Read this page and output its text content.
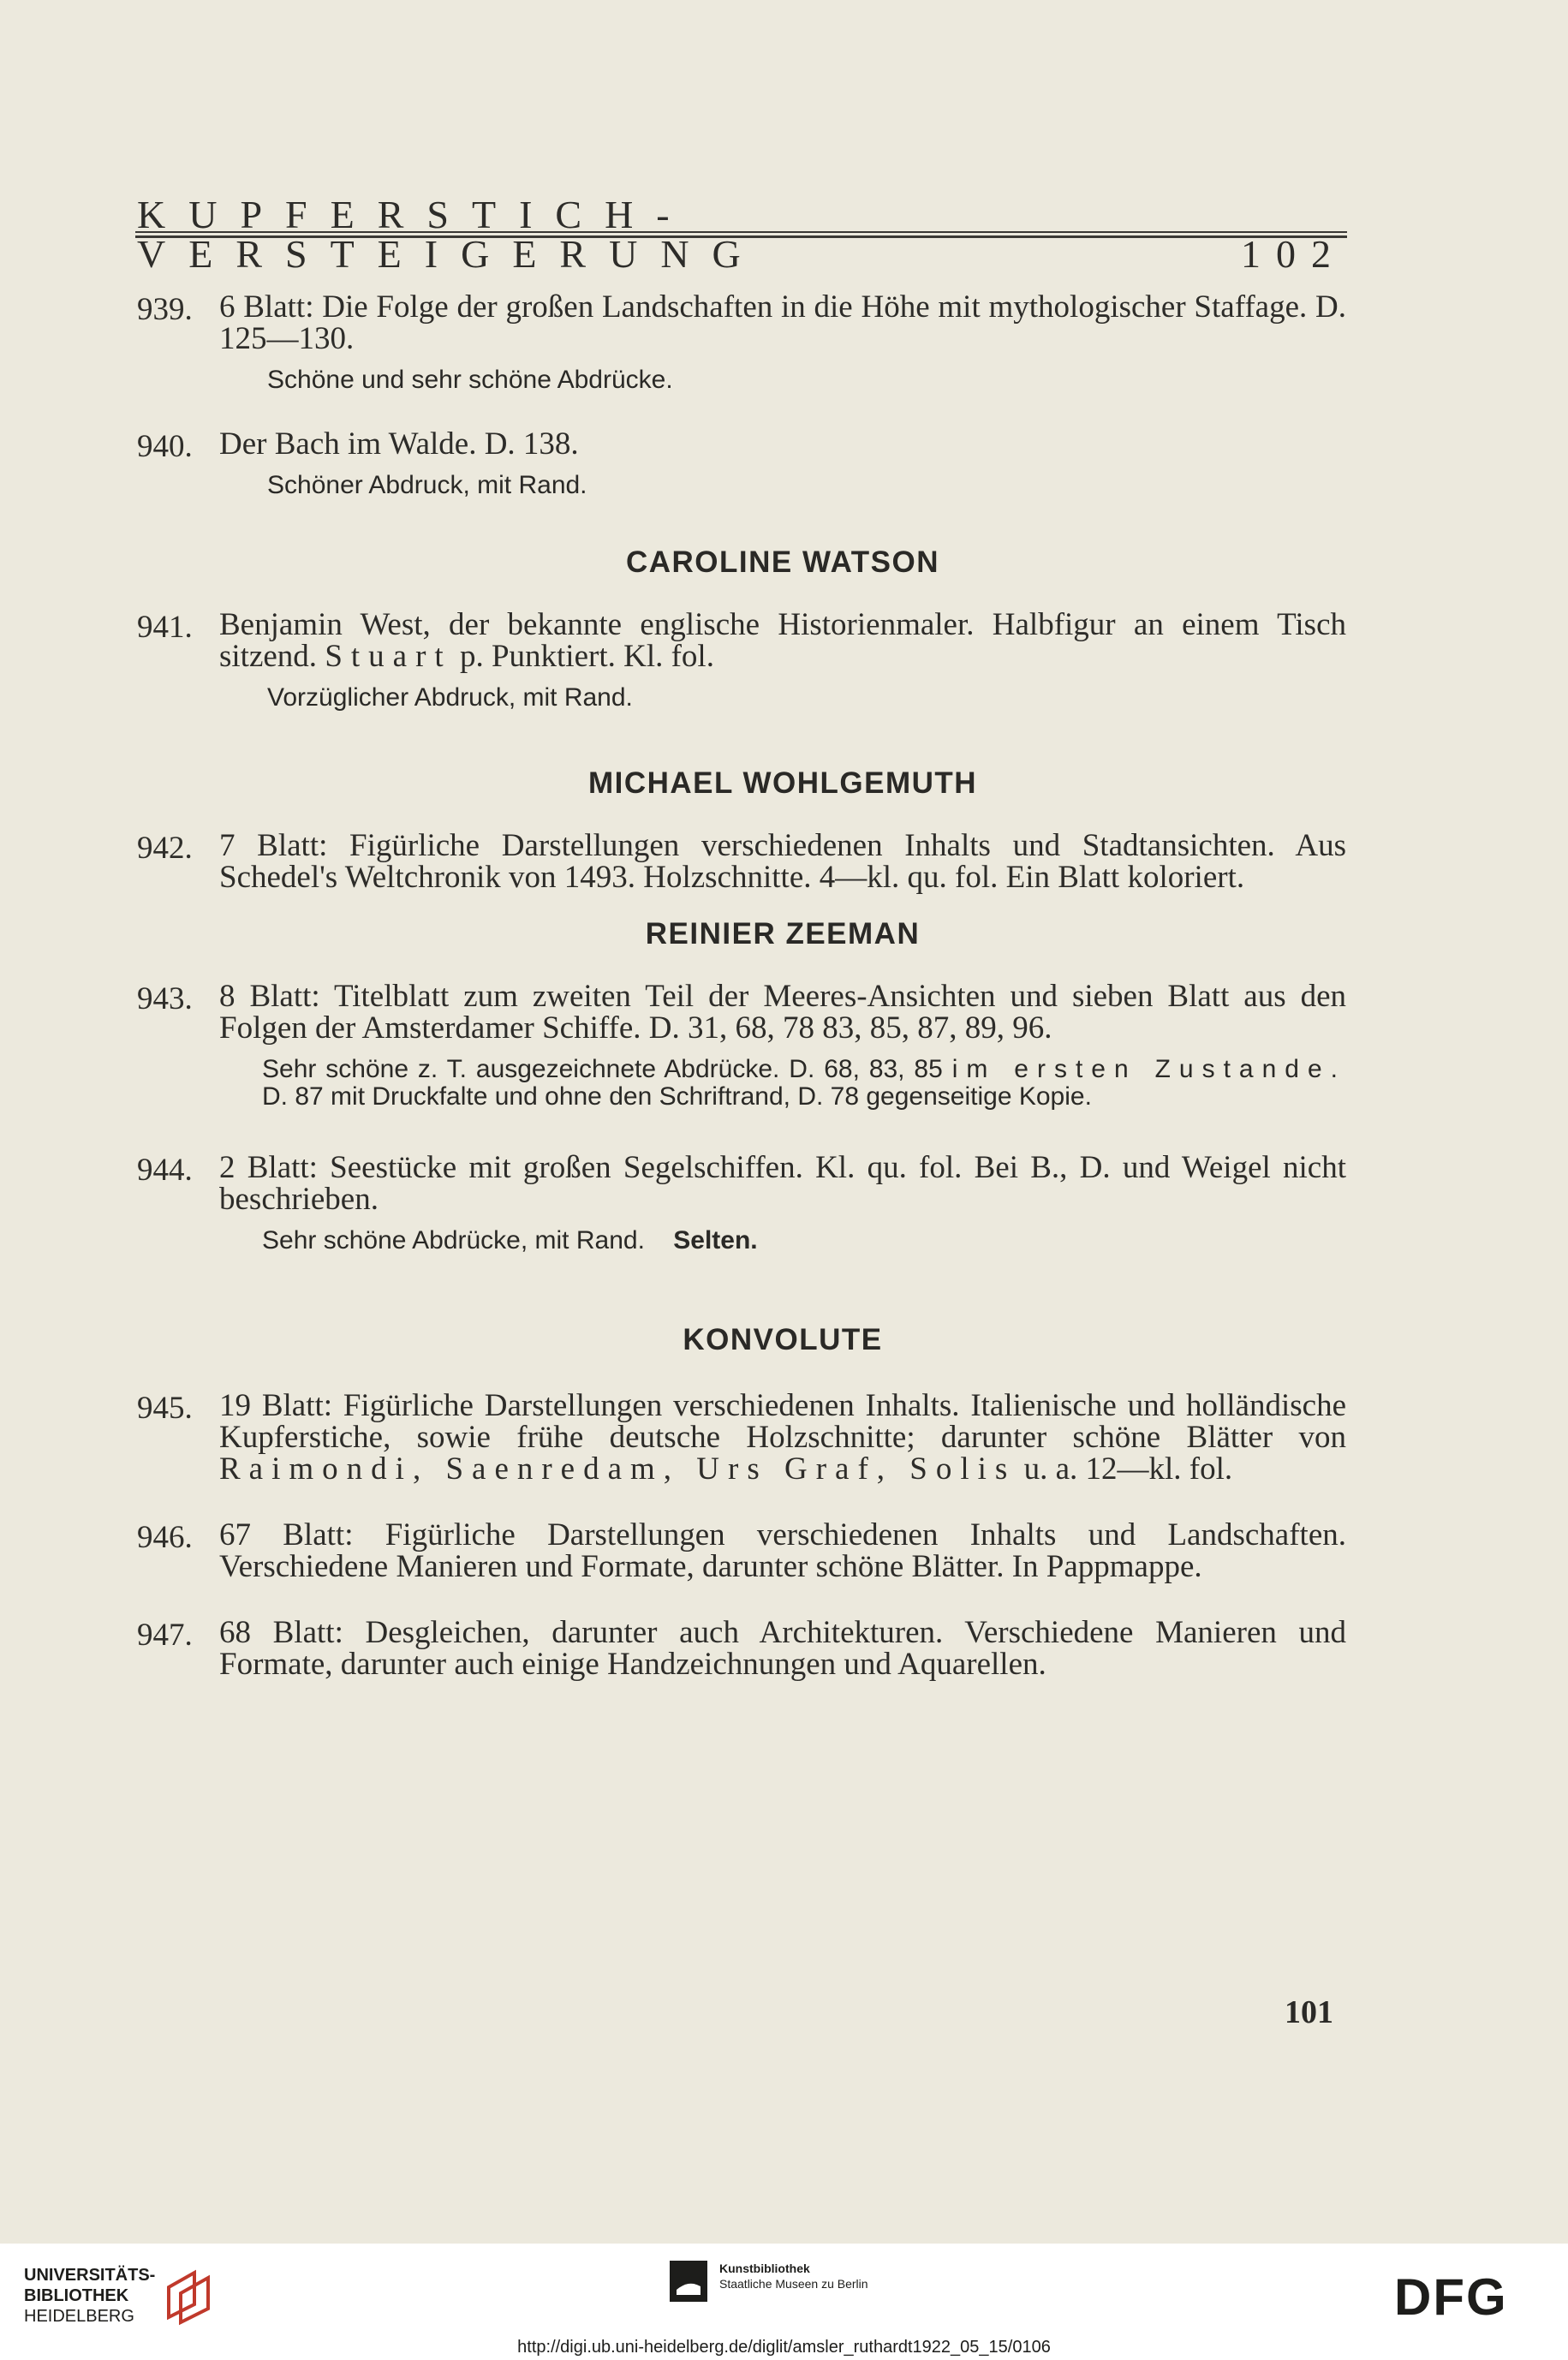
KUPFERSTICH-VERSTEIGERUNG	102
939. 6 Blatt: Die Folge der großen Landschaften in die Höhe mit mythologischer Staffage. D. 125—130.

Schöne und sehr schöne Abdrücke.

940. Der Bach im Walde. D. 138.

Schöner Abdruck, mit Rand.

CAROLINE WATSON
941. Benjamin West, der bekannte englische Historienmaler. Halbfigur an einem Tisch sitzend. Stuart p. Punktiert. Kl. fol.

Vorzüglicher Abdruck, mit Rand.

MICHAEL WOHLGEMUTH
942. 7 Blatt: Figürliche Darstellungen verschiedenen Inhalts und Stadtansichten. Aus Schedel's Weltchronik von 1493. Holzschnitte. 4—kl. qu. fol. Ein Blatt koloriert.

REINIER ZEEMAN
943. 8 Blatt: Titelblatt zum zweiten Teil der Meeres-Ansichten und sieben Blatt aus den Folgen der Amsterdamer Schiffe. D. 31, 68, 78 83, 85, 87, 89, 96.

Sehr schöne z. T. ausgezeichnete Abdrücke. D. 68, 83, 85 im ersten Zustande. D. 87 mit Druckfalte und ohne den Schriftrand, D. 78 gegenseitige Kopie.

944. 2 Blatt: Seestücke mit großen Segelschiffen. Kl. qu. fol. Bei B., D. und Weigel nicht beschrieben.

Sehr schöne Abdrücke, mit Rand. Selten.

KONVOLUTE
945. 19 Blatt: Figürliche Darstellungen verschiedenen Inhalts. Italienische und holländische Kupferstiche, sowie frühe deutsche Holzschnitte; darunter schöne Blätter von Raimondi, Saenredam, Urs Graf, Solis u. a. 12—kl. fol.

946. 67 Blatt: Figürliche Darstellungen verschiedenen Inhalts und Landschaften. Verschiedene Manieren und Formate, darunter schöne Blätter. In Pappmappe.

947. 68 Blatt: Desgleichen, darunter auch Architekturen. Verschiedene Manieren und Formate, darunter auch einige Handzeichnungen und Aquarellen.

101
UNIVERSITÄTS-
BIBLIOTHEK
HEIDELBERG
Kunstbibliothek
Staatliche Museen zu Berlin	DFG
http://digi.ub.uni-heidelberg.de/diglit/amsler_ruthardt1922_05_15/0106
